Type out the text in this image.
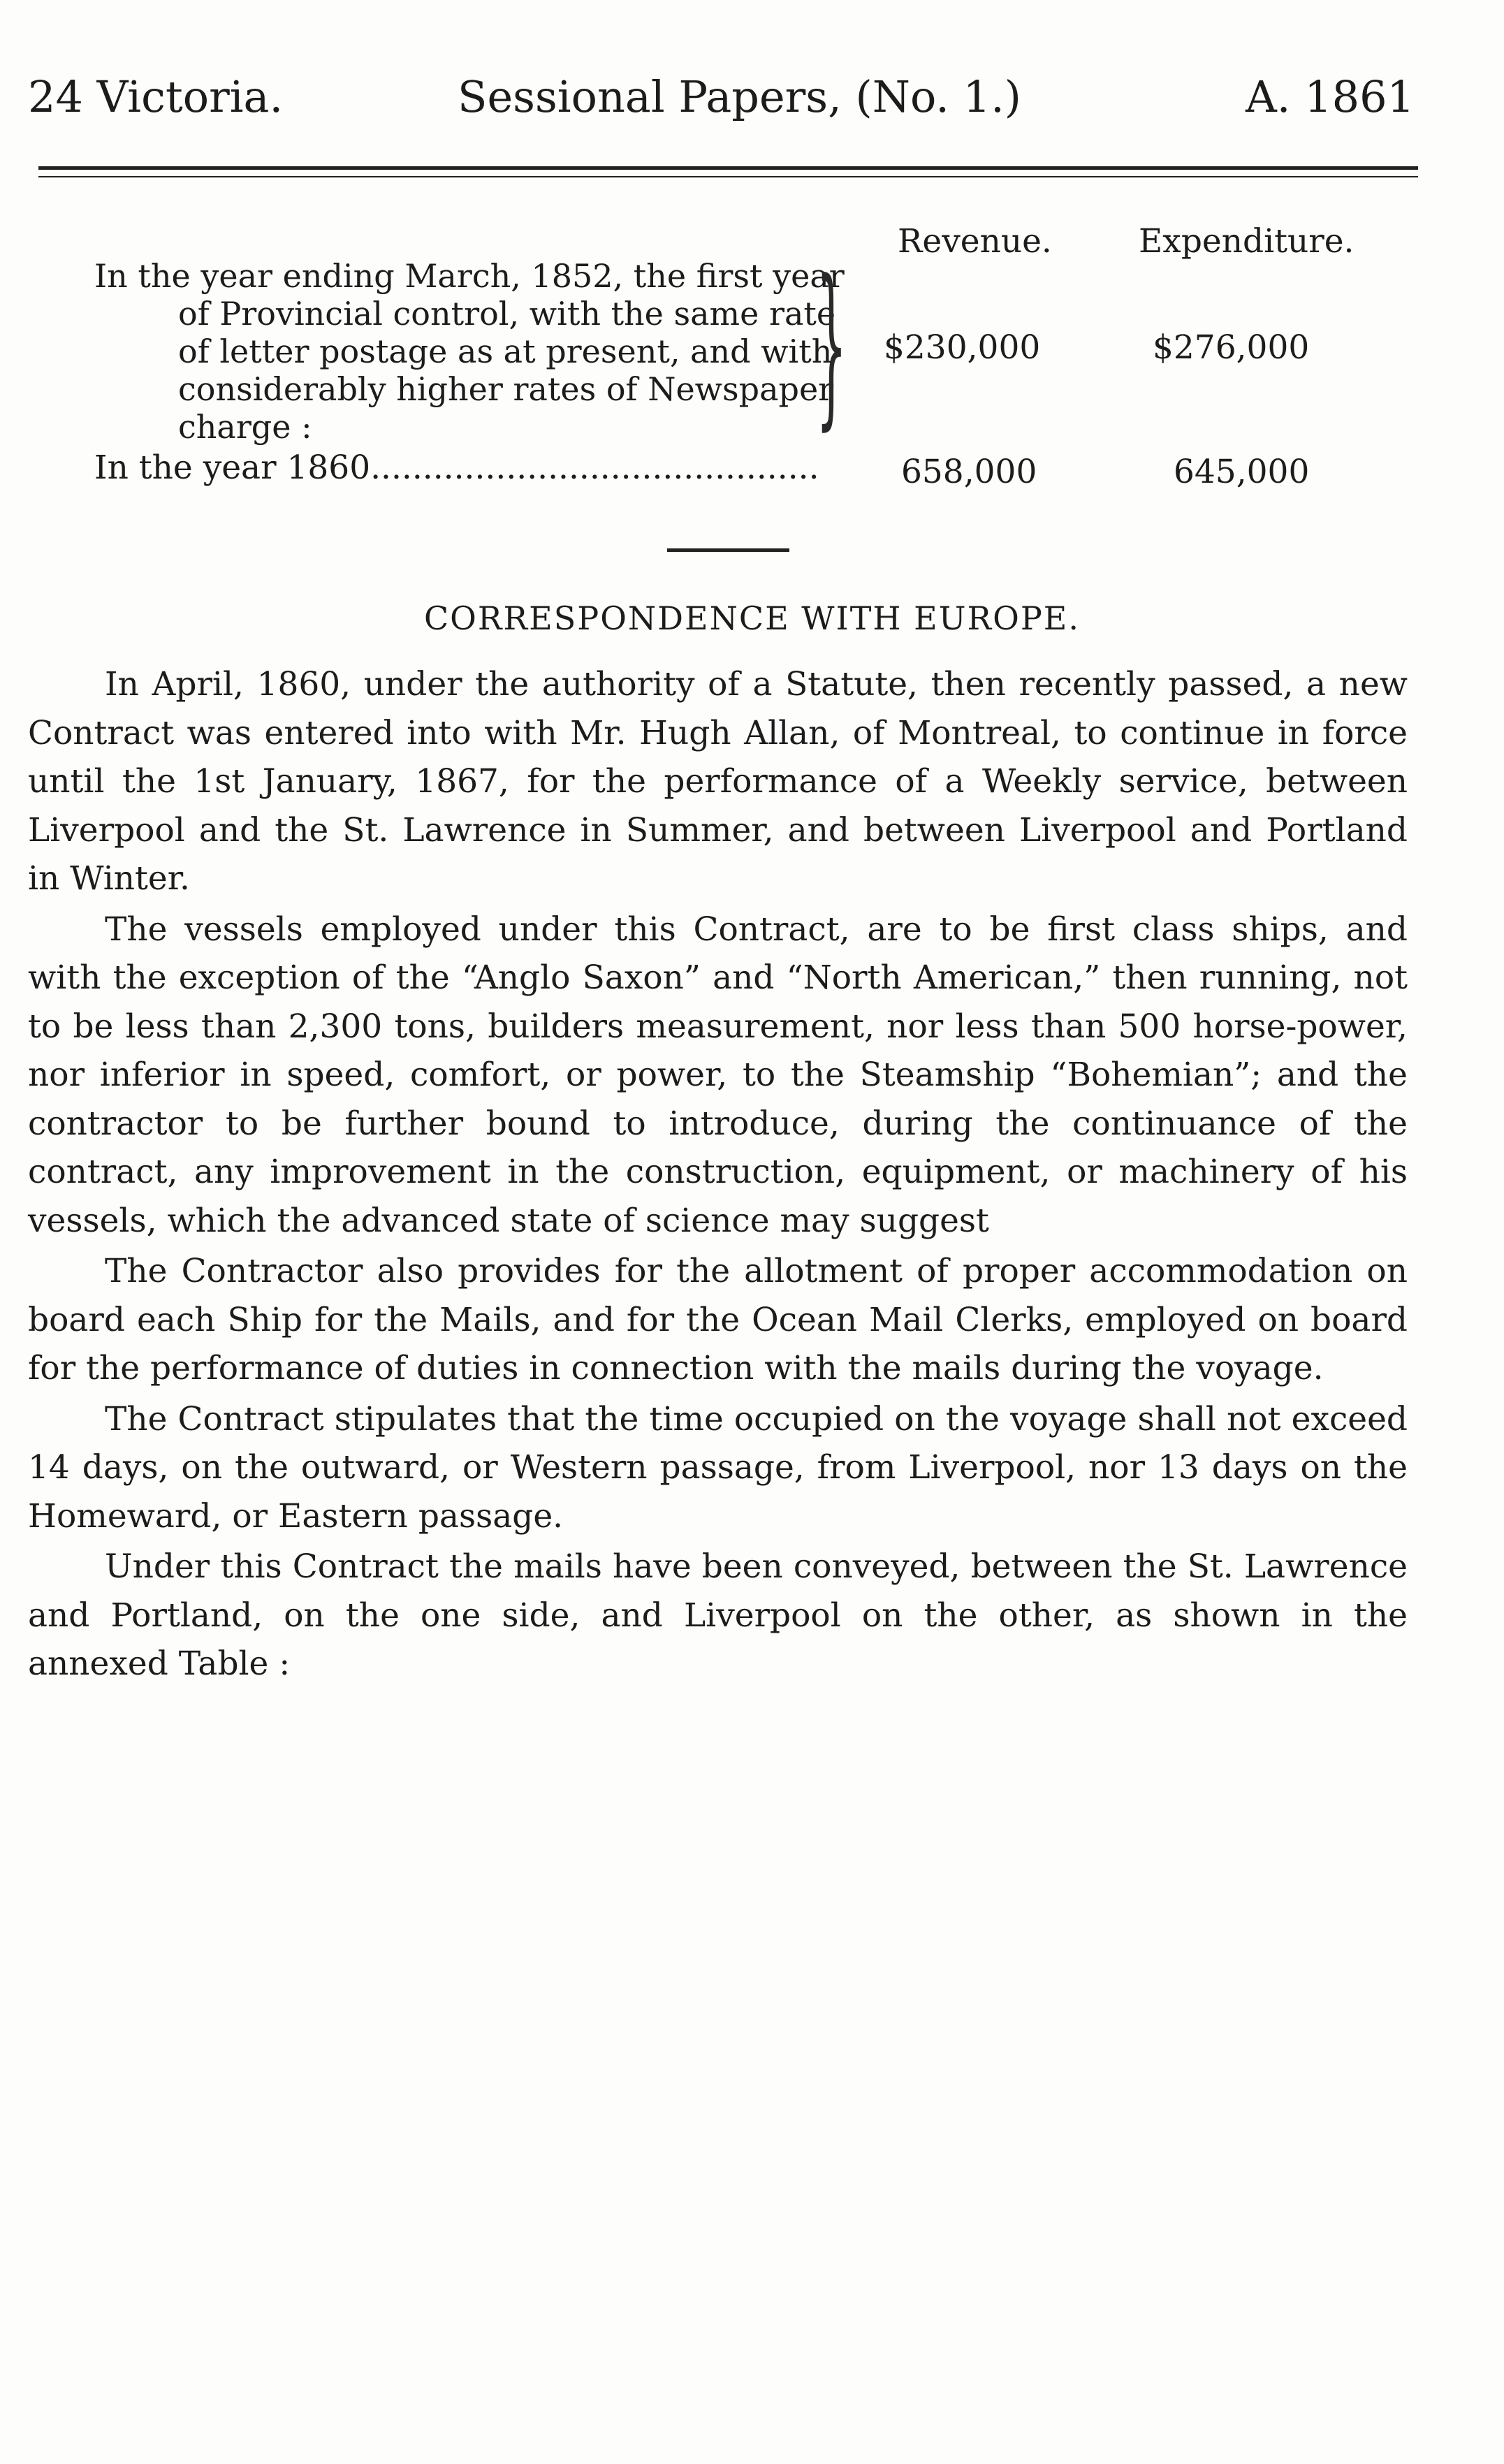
24 Victoria.	Sessional Papers, (No. 1.)	A. 1861
Revenue.	Expenditure.
In the year ending March, 1852, the first year
of Provincial control, with the same rate
of letter postage as at present, and with
considerably higher rates of Newspaper
charge :	} $230,000	$276,000
In the year 1860........................................... 658,000	645,000
CORRESPONDENCE WITH EUROPE.

In April, 1860, under the authority of a Statute, then recently passed, a new Contract was entered into with Mr. Hugh Allan, of Montreal, to continue in force until the 1st January, 1867, for the performance of a Weekly service, between Liverpool and the St. Lawrence in Summer, and between Liverpool and Portland in Winter.

The vessels employed under this Contract, are to be first class ships, and with the exception of the “Anglo Saxon” and “North American,” then running, not to be less than 2,300 tons, builders measurement, nor less than 500 horse-power, nor inferior in speed, comfort, or power, to the Steamship “Bohemian”; and the contractor to be further bound to introduce, during the continuance of the contract, any improvement in the construction, equipment, or machinery of his vessels, which the advanced state of science may suggest

The Contractor also provides for the allotment of proper accommodation on board each Ship for the Mails, and for the Ocean Mail Clerks, employed on board for the performance of duties in connection with the mails during the voyage.

The Contract stipulates that the time occupied on the voyage shall not exceed 14 days, on the outward, or Western passage, from Liverpool, nor 13 days on the Homeward, or Eastern passage.

Under this Contract the mails have been conveyed, between the St. Lawrence and Portland, on the one side, and Liverpool on the other, as shown in the annexed Table :
